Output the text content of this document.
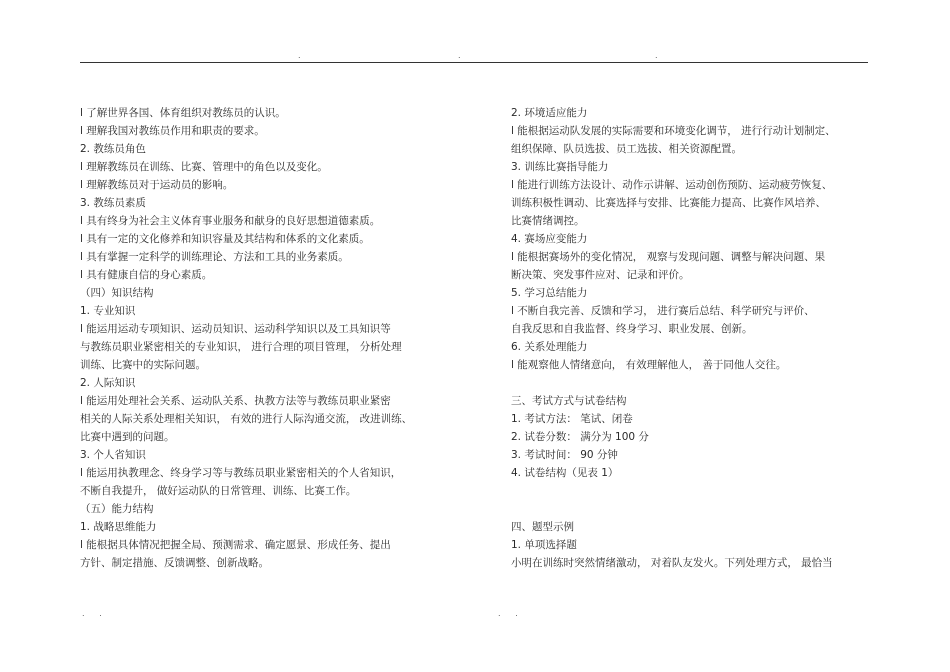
.	.	.
l 了解世界各国、体育组织对教练员的认识。
l 理解我国对教练员作用和职责的要求。
2. 教练员角色
l 理解教练员在训练、比赛、管理中的角色以及变化。
l 理解教练员对于运动员的影响。
3. 教练员素质
l 具有终身为社会主义体育事业服务和献身的良好思想道德素质。
l 具有一定的文化修养和知识容量及其结构和体系的文化素质。
l 具有掌握一定科学的训练理论、方法和工具的业务素质。
l 具有健康自信的身心素质。
（四）知识结构
1. 专业知识
l 能运用运动专项知识、运动员知识、运动科学知识以及工具知识等
与教练员职业紧密相关的专业知识， 进行合理的项目管理， 分析处理
训练、比赛中的实际问题。
2. 人际知识
l 能运用处理社会关系、运动队关系、执教方法等与教练员职业紧密
相关的人际关系处理相关知识， 有效的进行人际沟通交流， 改进训练、
比赛中遇到的问题。
3. 个人省知识
l 能运用执教理念、终身学习等与教练员职业紧密相关的个人省知识，
不断自我提升， 做好运动队的日常管理、训练、比赛工作。
（五）能力结构
1. 战略思维能力
l 能根据具体情况把握全局、预测需求、确定愿景、形成任务、提出
方针、制定措施、反馈调整、创新战略。
2. 环境适应能力
l 能根据运动队发展的实际需要和环境变化调节， 进行行动计划制定、
组织保障、队员选拔、员工选拔、相关资源配置。
3. 训练比赛指导能力
l 能进行训练方法设计、动作示讲解、运动创伤预防、运动疲劳恢复、
训练积极性调动、比赛选择与安排、比赛能力提高、比赛作风培养、
比赛情绪调控。
4. 赛场应变能力
l 能根据赛场外的变化情况， 观察与发现问题、调整与解决问题、果
断决策、突发事件应对、记录和评价。
5. 学习总结能力
l 不断自我完善、反馈和学习， 进行赛后总结、科学研究与评价、
自我反思和自我监督、终身学习、职业发展、创新。
6. 关系处理能力
l 能观察他人情绪意向， 有效理解他人， 善于同他人交往。
三、考试方式与试卷结构
1. 考试方法： 笔试、闭卷
2. 试卷分数： 满分为 100 分
3. 考试时间： 90 分钟
4. 试卷结构（见表 1）
四、题型示例
1. 单项选择题
小明在训练时突然情绪激动， 对着队友发火。下列处理方式， 最恰当
. .	. .
